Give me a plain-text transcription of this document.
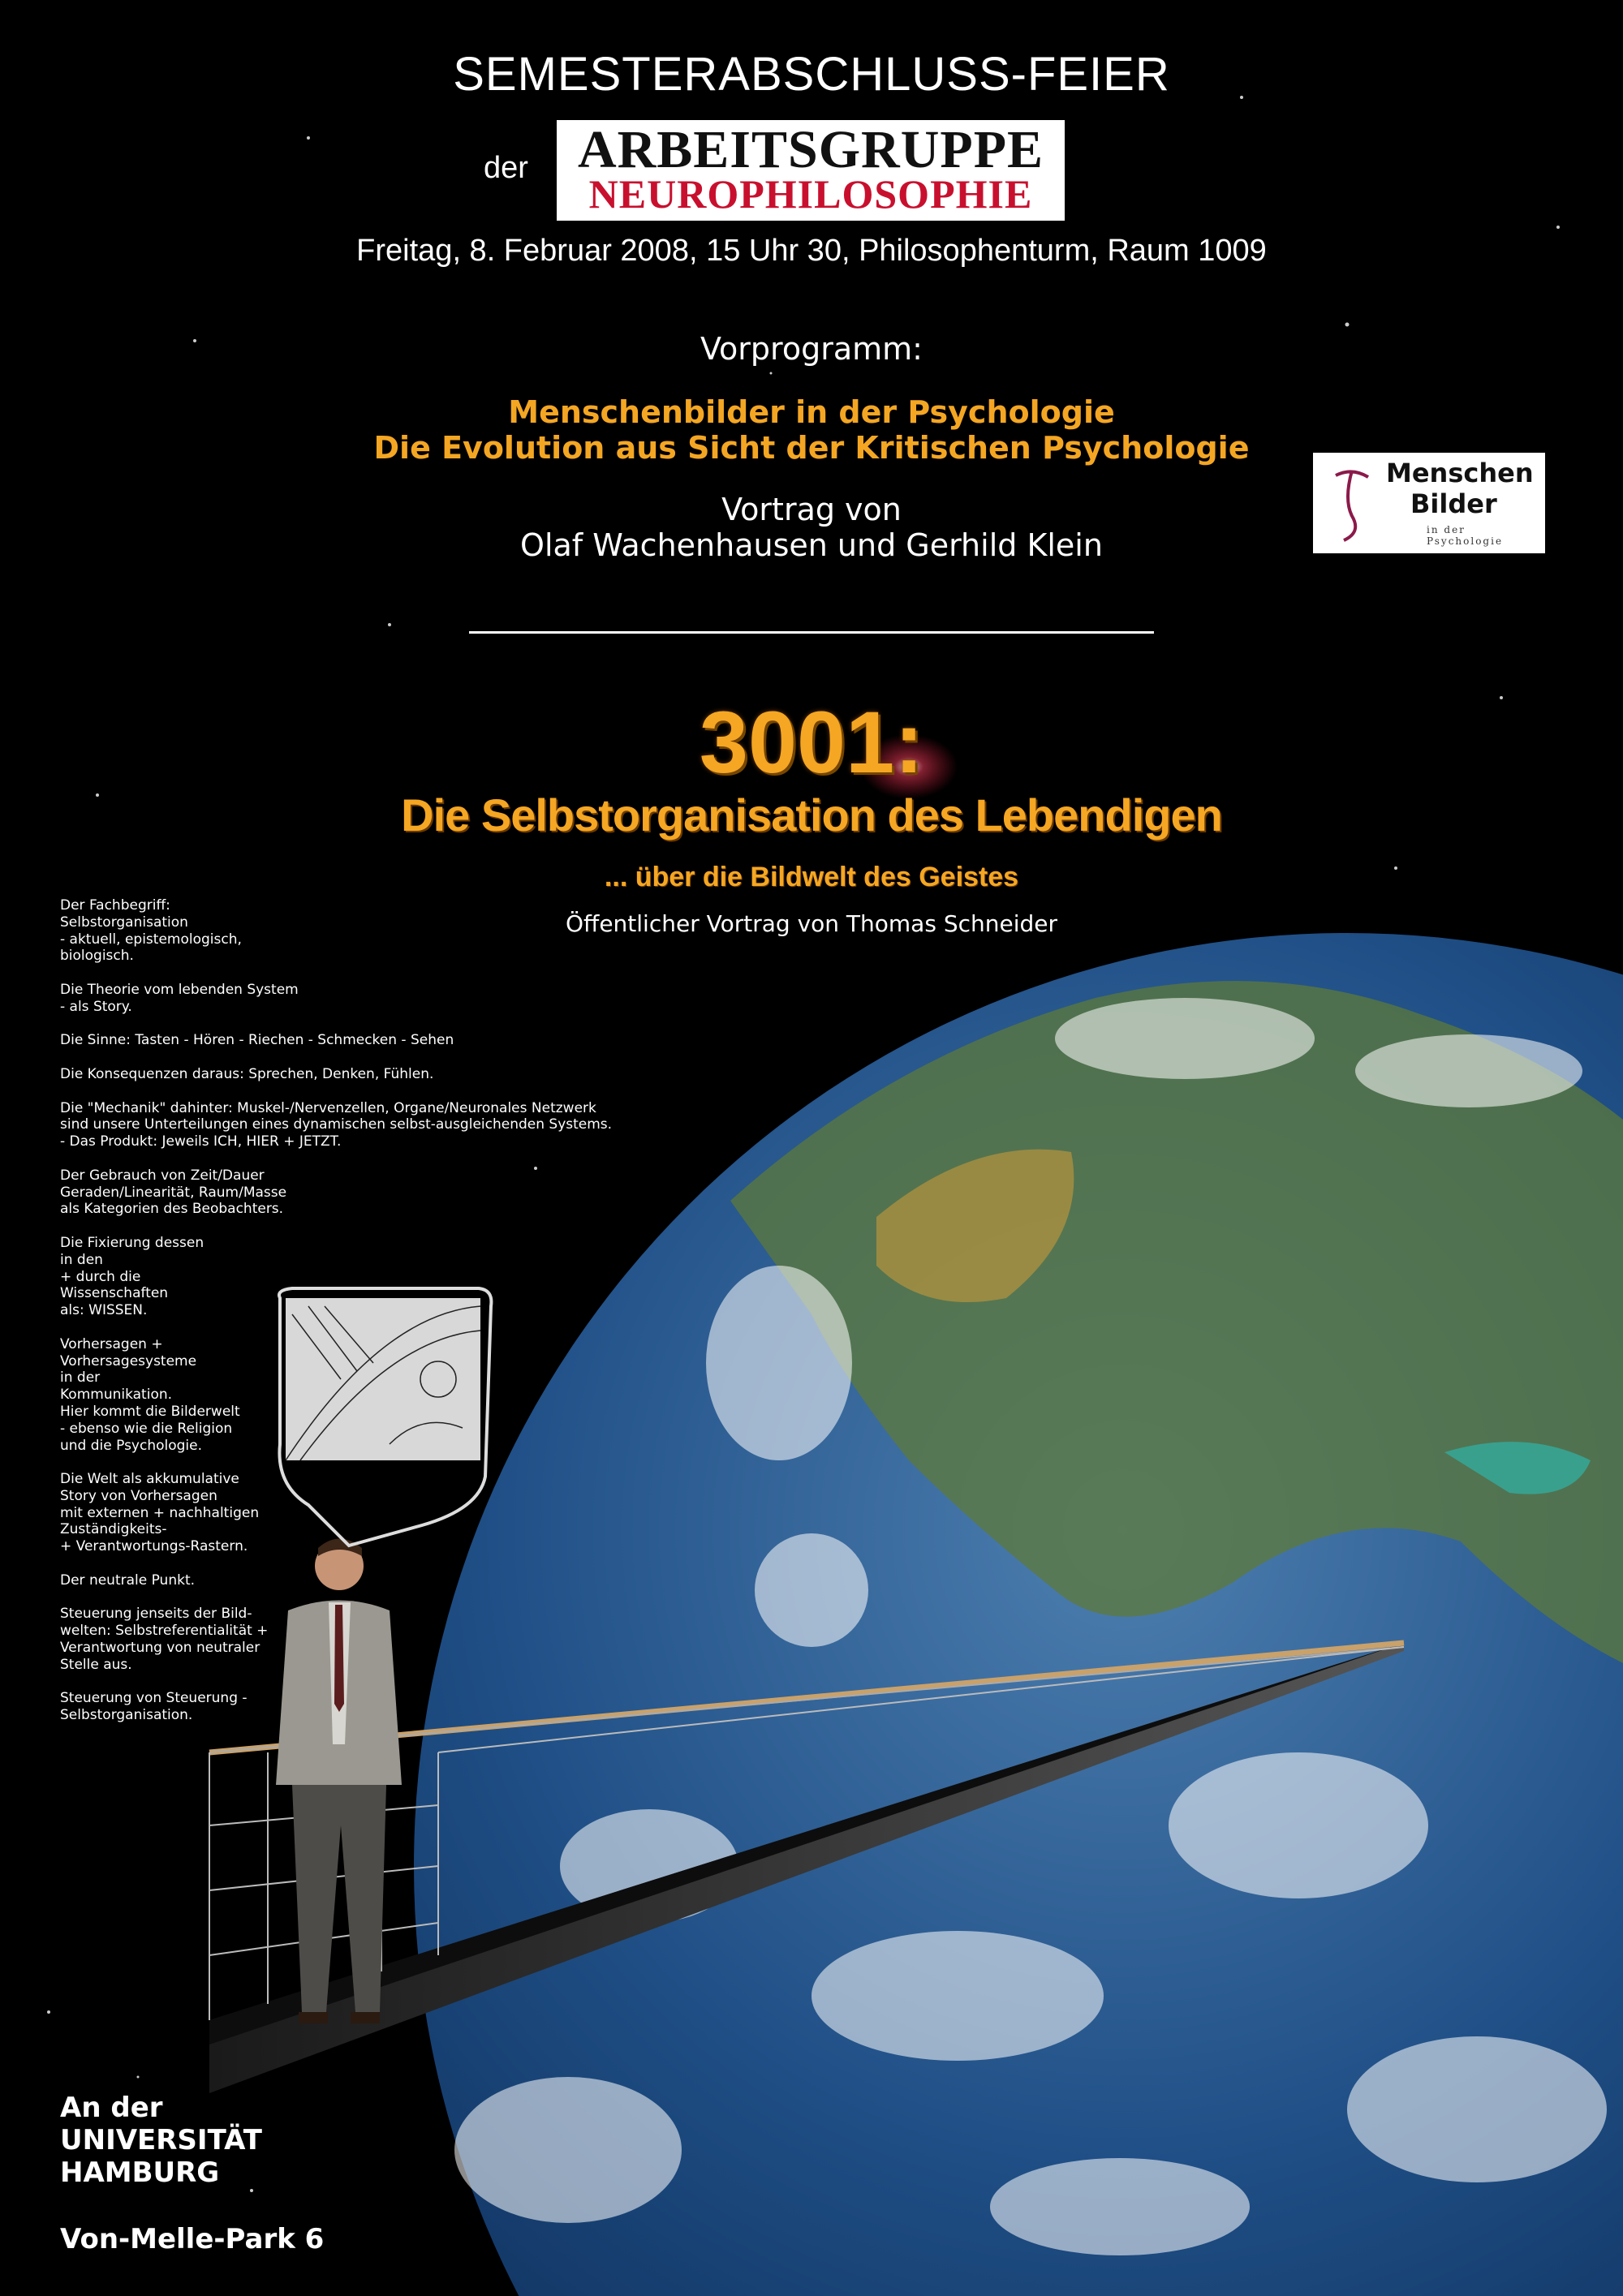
SEMESTERABSCHLUSS-FEIER
der ARBEITSGRUPPE
NEUROPHILOSOPHIE
Freitag, 8. Februar 2008, 15 Uhr 30, Philosophenturm, Raum 1009
Vorprogramm:
Menschenbilder in der Psychologie
Die Evolution aus Sicht der Kritischen Psychologie
Vortrag von
Olaf Wachenhausen und Gerhild Klein
Menschen
Bilder
in der Psychologie
3001:
Die Selbstorganisation des Lebendigen
... über die Bildwelt des Geistes
Öffentlicher Vortrag von Thomas Schneider
Der Fachbegriff:
Selbstorganisation
- aktuell, epistemologisch,
biologisch.

Die Theorie vom lebenden System
- als Story.

Die Sinne: Tasten - Hören - Riechen - Schmecken - Sehen

Die Konsequenzen daraus: Sprechen, Denken, Fühlen.

Die "Mechanik" dahinter: Muskel-/Nervenzellen, Organe/Neuronales Netzwerk
sind unsere Unterteilungen eines dynamischen selbst-ausgleichenden Systems.
- Das Produkt: Jeweils ICH, HIER + JETZT.

Der Gebrauch von Zeit/Dauer
Geraden/Linearität, Raum/Masse
als Kategorien des Beobachters.

Die Fixierung dessen
in den
+ durch die
Wissenschaften
als: WISSEN.

Vorhersagen +
Vorhersagesysteme
in der
Kommunikation.
Hier kommt die Bilderwelt
- ebenso wie die Religion
und die Psychologie.

Die Welt als akkumulative
Story von Vorhersagen
mit externen + nachhaltigen
Zuständigkeits-
+ Verantwortungs-Rastern.

Der neutrale Punkt.

Steuerung jenseits der Bild-
welten: Selbstreferentialität +
Verantwortung von neutraler
Stelle aus.

Steuerung von Steuerung -
Selbstorganisation.
An der
UNIVERSITÄT
HAMBURG
Von-Melle-Park 6
